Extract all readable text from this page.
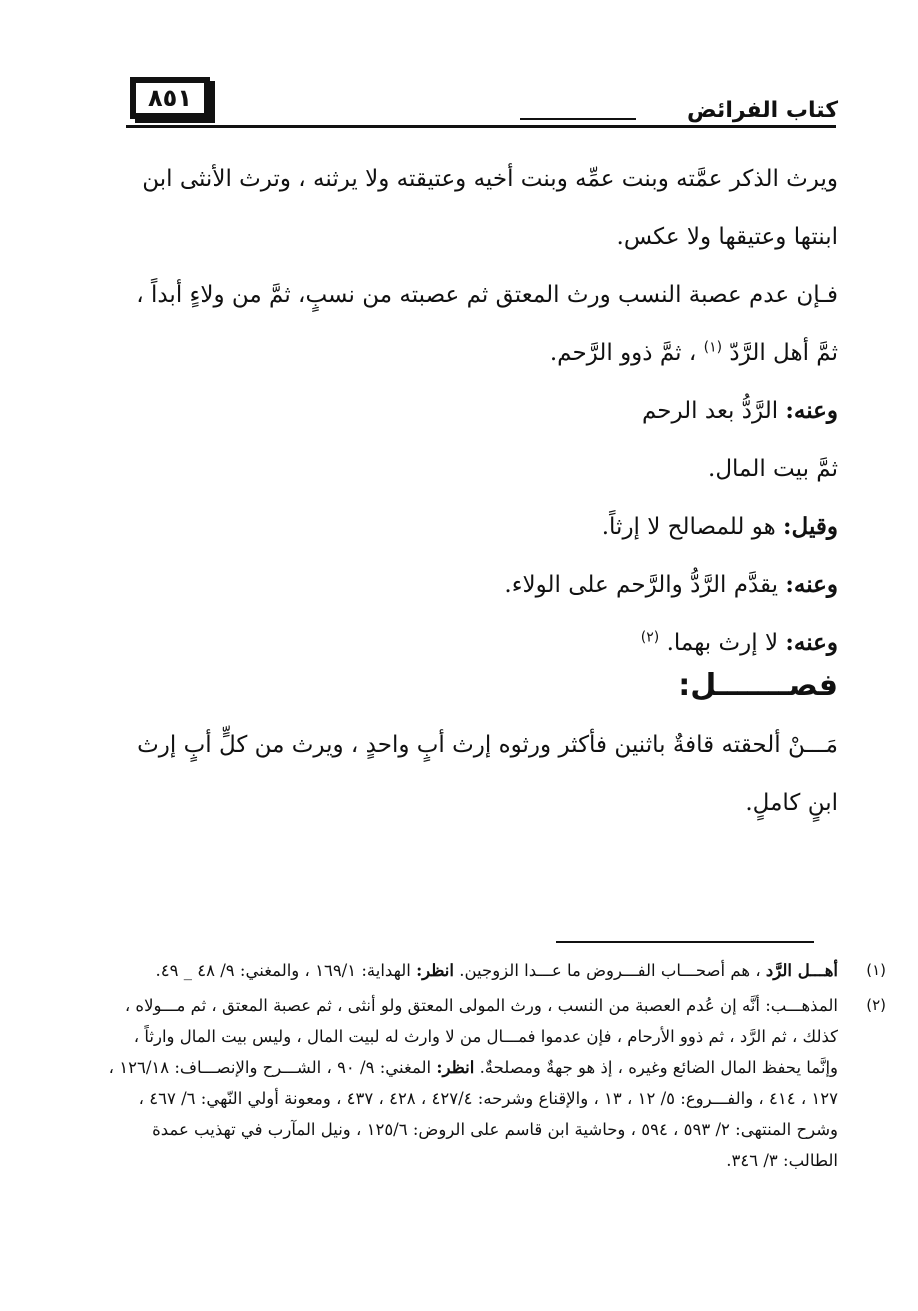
٨٥١	كتاب الفرائض

ويرث الذكر عمَّته وبنت عمِّه وبنت أخيه وعتيقته ولا يرثنه ، وترث الأنثى ابن ابنتها وعتيقها ولا عكس.

فـإن عدم عصبة النسب ورث المعتق ثم عصبته من نسبٍ، ثمَّ من ولاءٍ أبداً ، ثمَّ أهل الرَّدّ $^{(١)}$ ، ثمَّ ذوو الرَّحم.

وعنه: الرَّدُّ بعد الرحم

ثمَّ بيت المال.

وقيل: هو للمصالح لا إرثاً.

وعنه: يقدَّم الرَّدُّ والرَّحم على الولاء.

وعنه: لا إرث بهما. $^{(٢)}$

فصـــــــل:

مَـــنْ ألحقته قافةٌ باثنين فأكثر ورثوه إرث أبٍ واحدٍ ، ويرث من كلٍّ أبٍ إرث ابنٍ كاملٍ.

(١)
أهـــل الرَّد ، هم أصحـــاب الفـــروض ما عـــدا الزوجين. انظر: الهداية: ١٦٩/١ ، والمغني: ٩/ ٤٨ _ ٤٩.
(٢)
المذهـــب: أنَّه إن عُدم العصبة من النسب ، ورث المولى المعتق ولو أنثى ، ثم عصبة المعتق ، ثم مـــولاه ، كذلك ، ثم الرَّد ، ثم ذوو الأرحام ، فإن عدموا فمـــال من لا وارث له لبيت المال ، وليس بيت المال وارثاً ، وإنَّما يحفظ المال الضائع وغيره ، إذ هو جهةٌ ومصلحةٌ. انظر: المغني: ٩/ ٩٠ ، الشـــرح والإنصـــاف: ١٢٦/١٨ ، ١٢٧ ، ٤١٤ ، والفـــروع: ٥/ ١٢ ، ١٣ ، والإقناع وشرحه: ٤٢٧/٤ ، ٤٢٨ ، ٤٣٧ ، ومعونة أولي النّهي: ٦/ ٤٦٧ ، وشرح المنتهى: ٢/ ٥٩٣ ، ٥٩٤ ، وحاشية ابن قاسم على الروض: ١٢٥/٦ ، ونيل المآرب في تهذيب عمدة الطالب: ٣/ ٣٤٦.
